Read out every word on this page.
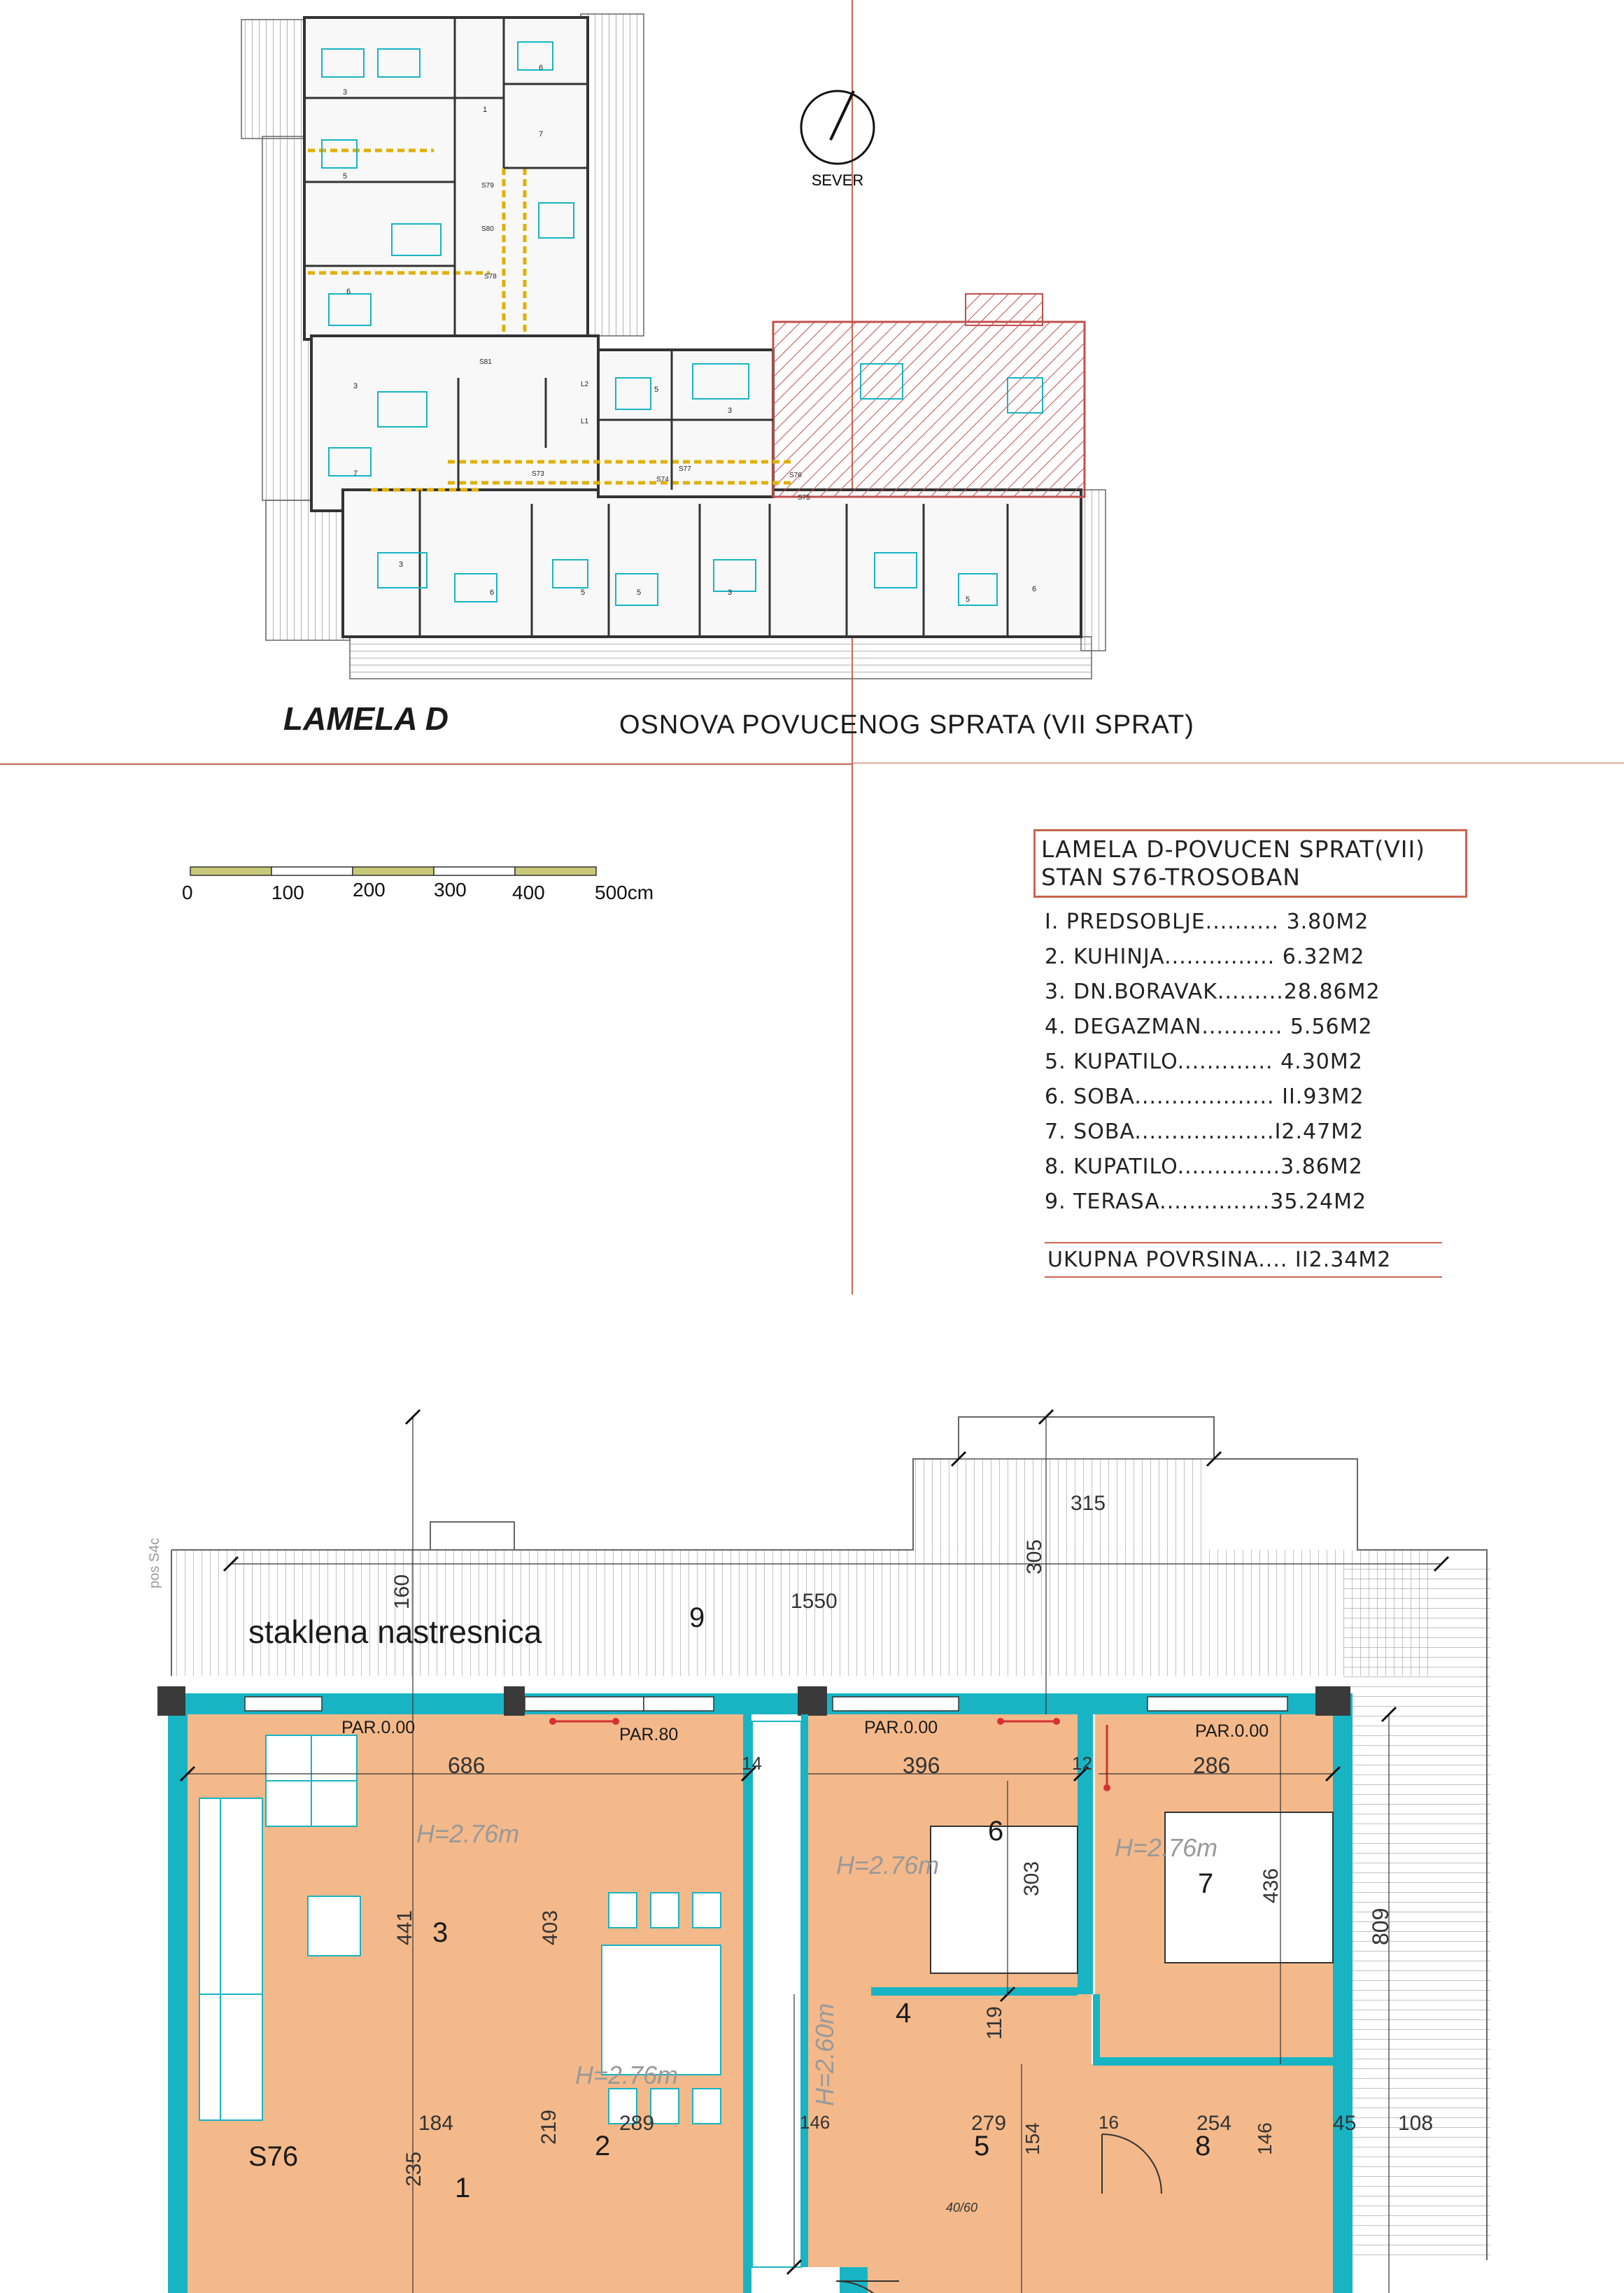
S79
S80
S78
S81
S73
S74
S77
S76
S75
L1
L2
3
5
6
3
7
6
7
1
3
6	5	5	3
5
6
5
3
SEVER
LAMELA D	OSNOVA POVUCENOG SPRATA (VII SPRAT)
0	100 200 300 400	500cm
LAMELA D-POVUCEN SPRAT(VII)
STAN S76-TROSOBAN
I. PREDSOBLJE.......... 3.80M2
2. KUHINJA............... 6.32M2
3. DN.BORAVAK.........28.86M2
4. DEGAZMAN........... 5.56M2
5. KUPATILO............. 4.30M2
6. SOBA................... II.93M2
7. SOBA...................I2.47M2
8. KUPATILO..............3.86M2
9. TERASA...............35.24M2
UKUPNA POVRSINA.... II2.34M2
staklena nastresnica	9
pos S4c
S76
3
4
6
7
2
1
5	8
PAR.0.00	PAR.80	PAR.0.00	PAR.0.00
H=2.76m
H=2.76m
H=2.76m
H=2.76m	H=2.60m
1550
315
305
160
686
441	403
396
303
286
436
809
119
184
235
219	289	279 154	254 146	45 108
14	12
16
146
40/60
